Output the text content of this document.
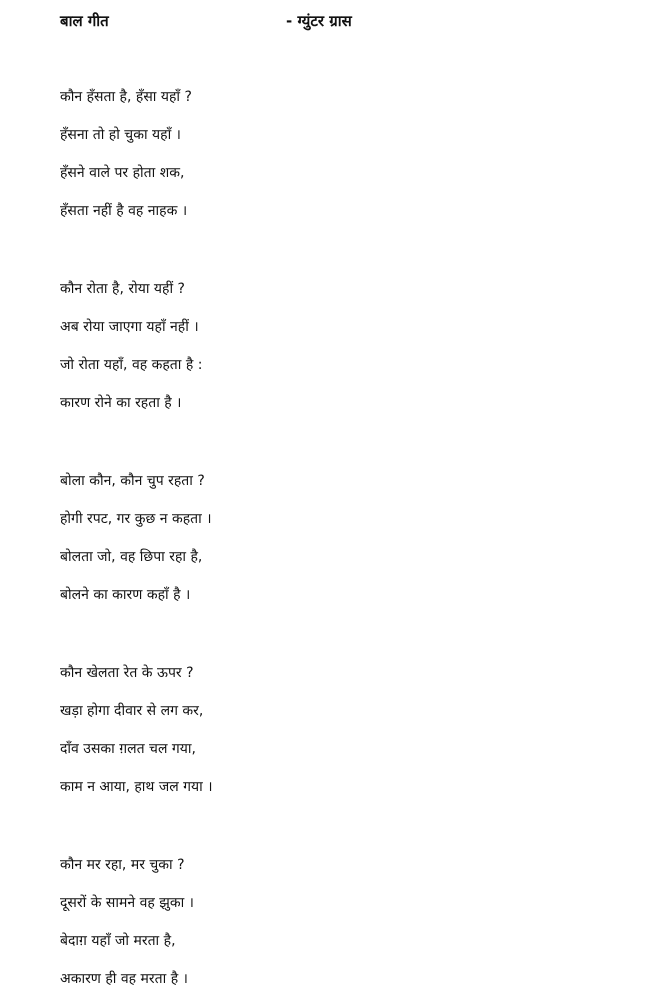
बाल गीत	- ग्युंटर ग्रास
कौन हँसता है, हँसा यहाँ ?
हँसना तो हो चुका यहाँ ।
हँसने वाले पर होता शक,
हँसता नहीं है वह नाहक ।
कौन रोता है, रोया यहीं ?
अब रोया जाएगा यहाँ नहीं ।
जो रोता यहाँ, वह कहता है :
कारण रोने का रहता है ।
बोला कौन, कौन चुप रहता ?
होगी रपट, गर कुछ न कहता ।
बोलता जो, वह छिपा रहा है,
बोलने का कारण कहाँ है ।
कौन खेलता रेत के ऊपर ?
खड़ा होगा दीवार से लग कर,
दाँव उसका ग़लत चल गया,
काम न आया, हाथ जल गया ।
कौन मर रहा, मर चुका ?
दूसरों के सामने वह झुका ।
बेदाग़ यहाँ जो मरता है,
अकारण ही वह मरता है ।
